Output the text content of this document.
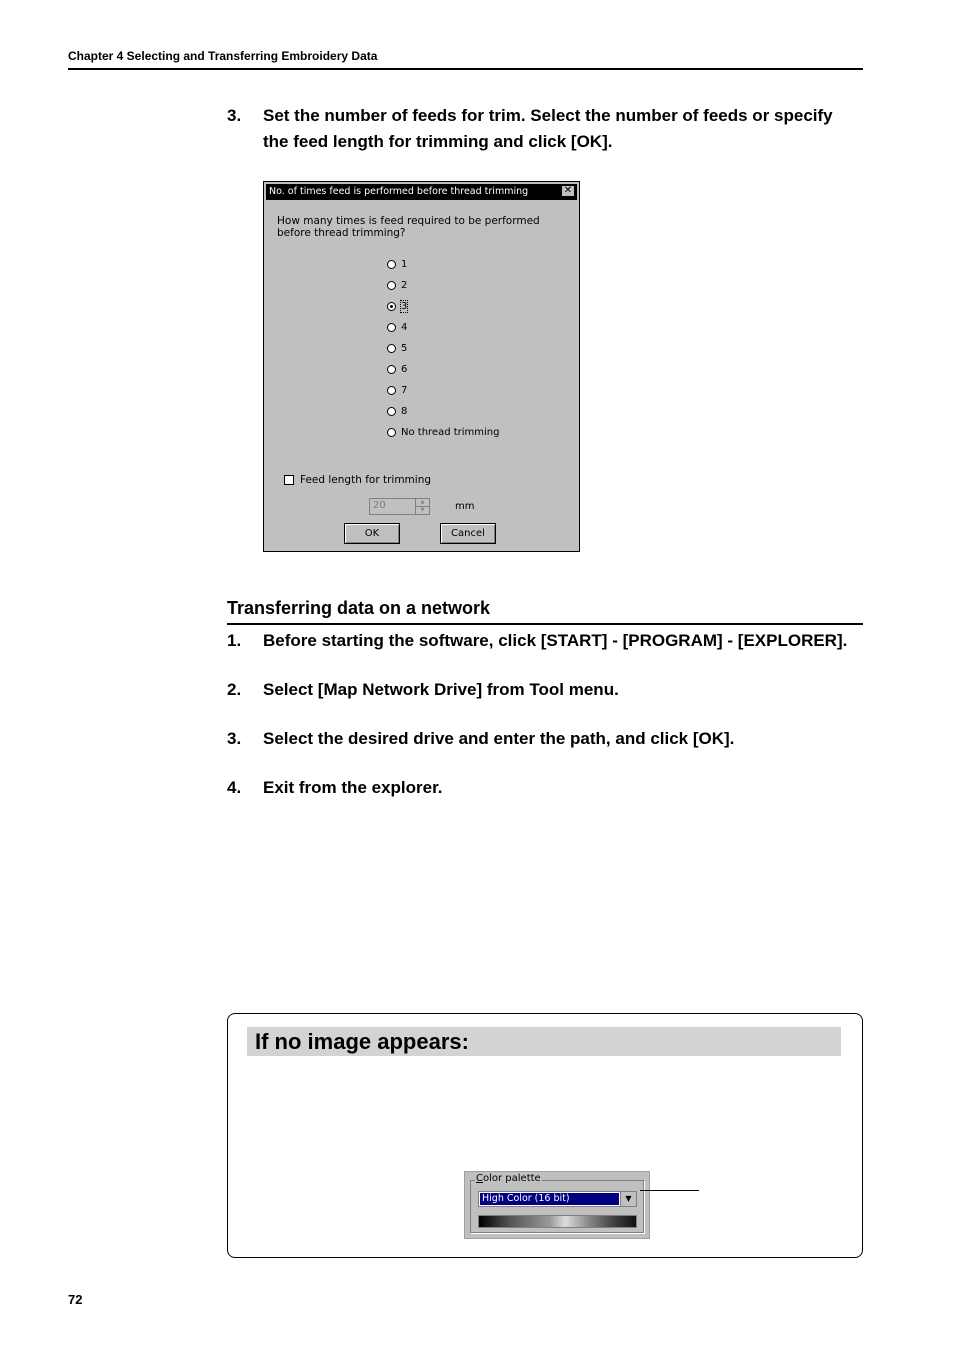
Chapter 4 Selecting and Transferring Embroidery Data
3. Set the number of feeds for trim. Select the number of feeds or specify
the feed length for trimming and click [OK].
No. of times feed is performed before thread trimming	✕
How many times is feed required to be performed
before thread trimming?
1
2
3
4
5
6
7
8
No thread trimming
Feed length for trimming
20	▲
▼	mm
OK	Cancel
Transferring data on a network
1. Before starting the software, click [START] - [PROGRAM] - [EXPLORER].
2. Select [Map Network Drive] from Tool menu.
3. Select the desired drive and enter the path, and click [OK].
4. Exit from the explorer.
If no image appears:
Color palette
High Color (16 bit)	▼
72
